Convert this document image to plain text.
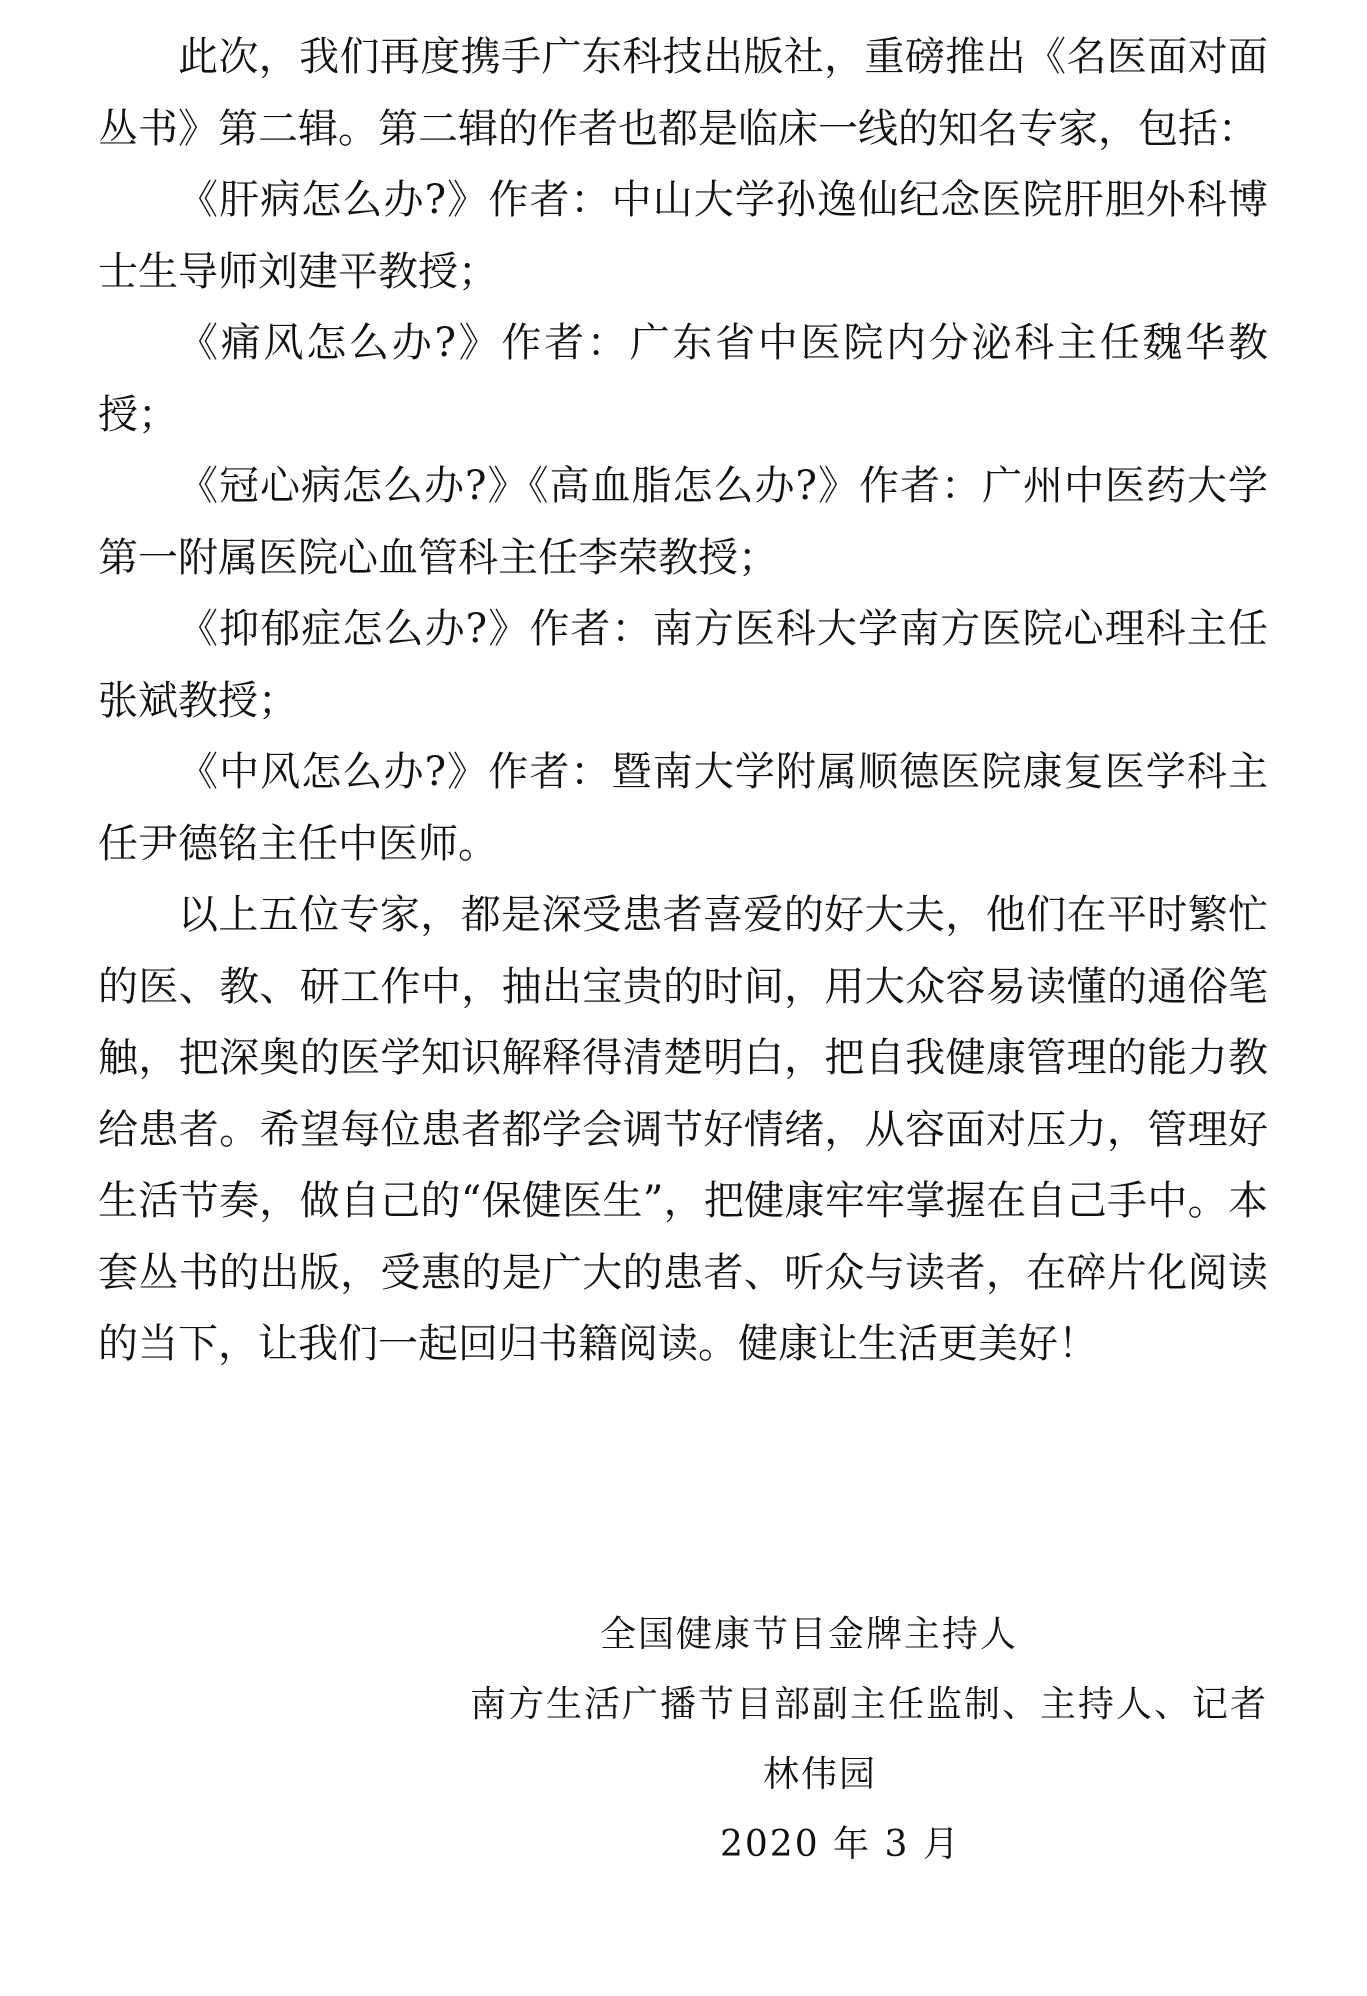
此次，我们再度携手广东科技出版社，重磅推出《名医面对面丛书》第二辑。第二辑的作者也都是临床一线的知名专家，包括：

《肝病怎么办?》作者：中山大学孙逸仙纪念医院肝胆外科博士生导师刘建平教授；

《痛风怎么办?》作者：广东省中医院内分泌科主任魏华教授；

《冠心病怎么办?》《高血脂怎么办?》作者：广州中医药大学第一附属医院心血管科主任李荣教授；

《抑郁症怎么办?》作者：南方医科大学南方医院心理科主任张斌教授；

《中风怎么办?》作者：暨南大学附属顺德医院康复医学科主任尹德铭主任中医师。

以上五位专家，都是深受患者喜爱的好大夫，他们在平时繁忙的医、教、研工作中，抽出宝贵的时间，用大众容易读懂的通俗笔触，把深奥的医学知识解释得清楚明白，把自我健康管理的能力教给患者。希望每位患者都学会调节好情绪，从容面对压力，管理好生活节奏，做自己的“保健医生”，把健康牢牢掌握在自己手中。本套丛书的出版，受惠的是广大的患者、听众与读者，在碎片化阅读的当下，让我们一起回归书籍阅读。健康让生活更美好！

全国健康节目金牌主持人
南方生活广播节目部副主任监制、主持人、记者
林伟园
2020 年 3 月
